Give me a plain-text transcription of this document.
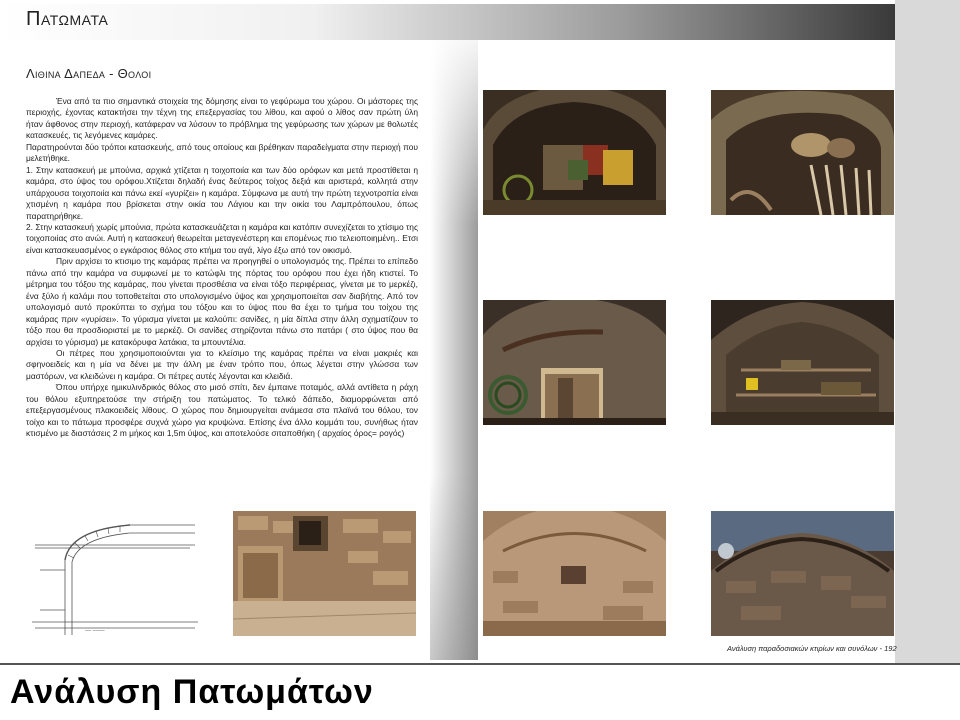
Πατωματα
Λιθινα Δαπεδα - Θολοι

Ένα από τα πιο σημαντικά στοιχεία της δόμησης είναι το γεφύρωμα του χώρου. Οι μάστορες της περιοχής, έχοντας κατακτήσει την τέχνη της επεξεργασίας του λίθου, και αφού ο λίθος σαν πρώτη ύλη ήταν άφθονος στην περιοχή, κατάφεραν να λύσουν το πρόβλημα της γεφύρωσης των χώρων με θολωτές κατασκευές, τις λεγόμενες καμάρες.

Παρατηρούνται δύο τρόποι κατασκευής, από τους οποίους και βρέθηκαν παραδείγματα στην περιοχή που μελετήθηκε.

1. Στην κατασκευή με μπούνια, αρχικά χτίζεται η τοιχοποιία και των δύο ορόφων και μετά προστίθεται η καμάρα, στο ύψος του ορόφου.Χτίζεται δηλαδή ένας δεύτερος τοίχος δεξιά και αριστερά, κολλητά στην υπάρχουσα τοιχοποιία και πάνω εκεί «γυρίζει» η καμάρα. Σύμφωνα με αυτή την πρώτη τεχνοτροπία είναι χτισμένη η καμάρα που βρίσκεται στην οικία του Λάγιου και την οικία του Λαμπρόπουλου, όπως παρατηρήθηκε.

2. Στην κατασκευή χωρίς μπούνια, πρώτα κατασκευάζεται η καμάρα και κατόπιν συνεχίζεται το χτίσιμο της τοιχοποιίας στο ανώι. Αυτή η κατασκευή θεωρείται μεταγενέστερη και επομένως πιο τελειοποιημένη.. Ετσι είναι κατασκευασμένος ο εγκάρσιος θόλος στο κτήμα του αγά, λίγο έξω από τον οικισμό.

Πριν αρχίσει το κτισιμο της καμάρας πρέπει να προηγηθεί ο υπολογισμός της. Πρέπει το επίπεδο πάνω από την καμάρα να συμφωνεί με το κατώφλι της πόρτας του ορόφου που έχει ήδη κτιστεί. Το μέτρημα του τόξου της καμάρας, που γίνεται προσθέσια να είναι τόξο περιφέρειας, γίνεται με το μερκέζι, ένα ξύλο ή καλάμι που τοποθετείται στο υπολογισμένο ύψος και χρησιμοποιείται σαν διαβήτης. Από τον υπολογισμό αυτό προκύπτει το σχήμα του τόξου και το ύψος που θα έχει το τμήμα του τοίχου της καμάρας πριν «γυρίσει». Το γύρισμα γίνεται με καλούπι: σανίδες, η μία δίπλα στην άλλη σχηματίζουν το τόξο που θα προσδιοριστεί με το μερκέζι. Οι σανίδες στηρίζονται πάνω στο πατάρι ( στο ύψος που θα αρχίσει το γύρισμα) με κατακόρυφα λατάκια, τα μπουντέλια.

Οι πέτρες που χρησιμοποιούνται για το κλείσιμο της καμάρας πρέπει να είναι μακριές και σφηνοειδείς και η μία να δένει με την άλλη με έναν τρόπο που, όπως λέγεται στην γλώσσα των μαστόρων, να κλειδώνει η καμάρα. Οι πέτρες αυτές λέγονται και κλειδιά.

Όπου υπήρχε ημικυλινδρικός θόλος στο μισό σπίτι, δεν έμπαινε ποταμός, αλλά αντίθετα η ράχη του θόλου εξυπηρετούσε την στήριξη του πατώματος. Το τελικό δάπεδο, διαμορφώνεται από επεξεργασμένους πλακοειδείς λίθους. Ο χώρος που δημιουργείται ανάμεσα στα πλαϊνά του θόλου, τον τοίχο και το πάτωμα προσφέρε συχνά χώρο για κρυψώνα. Επίσης ένα άλλο κομμάτι του, συνήθως ήταν κτισμένο με διαστάσεις 2 m μήκος και 1,5m ύψος, και αποτελούσε σιταποθήκη ( αρχαίος όρος= ρογός)

— ——
Ανάλυση παραδοσιακών κτιρίων και συνόλων - 192
Ανάλυση Πατωμάτων
